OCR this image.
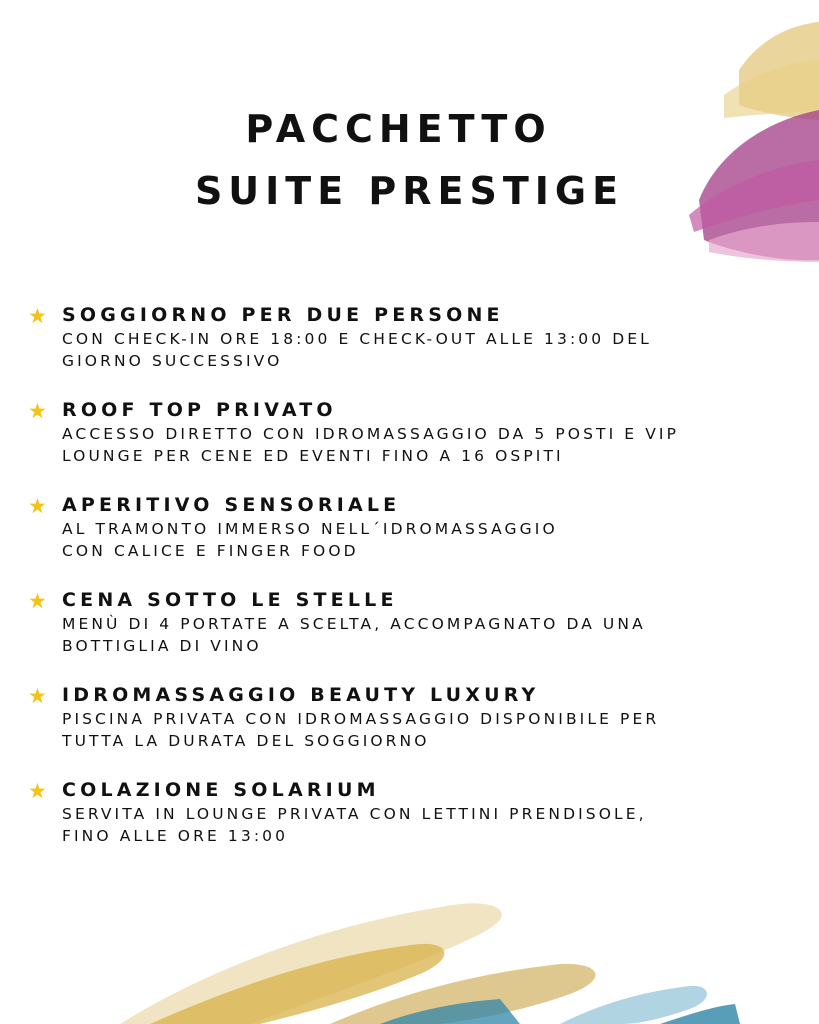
PACCHETTO
SUITE PRESTIGE
★ SOGGIORNO PER DUE PERSONE
CON CHECK-IN ORE 18:00 E CHECK-OUT ALLE 13:00 DEL
GIORNO SUCCESSIVO
★ ROOF TOP PRIVATO
ACCESSO DIRETTO CON IDROMASSAGGIO DA 5 POSTI E VIP
LOUNGE PER CENE ED EVENTI FINO A 16 OSPITI
★ APERITIVO SENSORIALE
AL TRAMONTO IMMERSO NELL´IDROMASSAGGIO
CON CALICE E FINGER FOOD
★ CENA SOTTO LE STELLE
MENÙ DI 4 PORTATE A SCELTA, ACCOMPAGNATO DA UNA
BOTTIGLIA DI VINO
★ IDROMASSAGGIO BEAUTY LUXURY
PISCINA PRIVATA CON IDROMASSAGGIO DISPONIBILE PER
TUTTA LA DURATA DEL SOGGIORNO
★ COLAZIONE SOLARIUM
SERVITA IN LOUNGE PRIVATA CON LETTINI PRENDISOLE,
FINO ALLE ORE 13:00
